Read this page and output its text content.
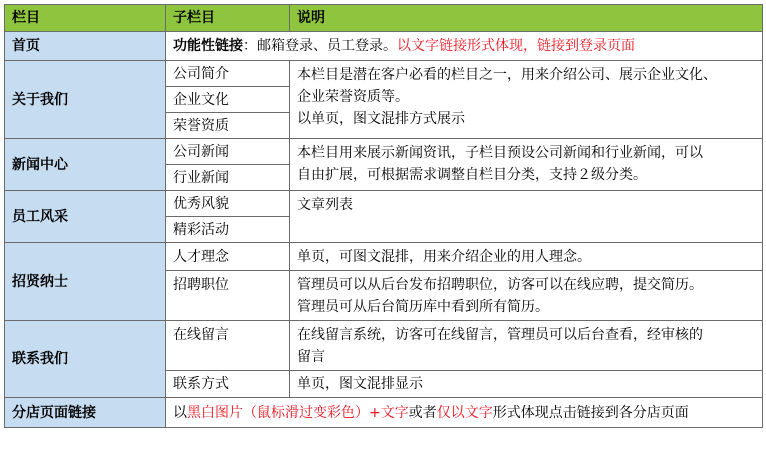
栏目	子栏目	说明
首页	功能性链接：邮箱登录、员工登录。以文字链接形式体现，链接到登录页面	
关于我们	公司简介	本栏目是潜在客户必看的栏目之一，用来介绍公司、展示企业文化、
企业荣誉资质等。
以单页，图文混排方式展示

	企业文化	
	荣誉资质	
新闻中心	公司新闻	本栏目用来展示新闻资讯，子栏目预设公司新闻和行业新闻，可以
自由扩展，可根据需求调整自栏目分类，支持２级分类。

	行业新闻	
员工风采	优秀风貌	文章列表
	精彩活动	
招贤纳士	人才理念	单页，可图文混排，用来介绍企业的用人理念。
	招聘职位	管理员可以从后台发布招聘职位，访客可以在线应聘，提交简历。
管理员可从后台简历库中看到所有简历。

联系我们	在线留言	在线留言系统，访客可在线留言，管理员可以后台查看，经审核的
留言

	联系方式	单页，图文混排显示
分店页面链接	以黑白图片（鼠标滑过变彩色）+文字或者仅以文字形式体现点击链接到各分店页面	
